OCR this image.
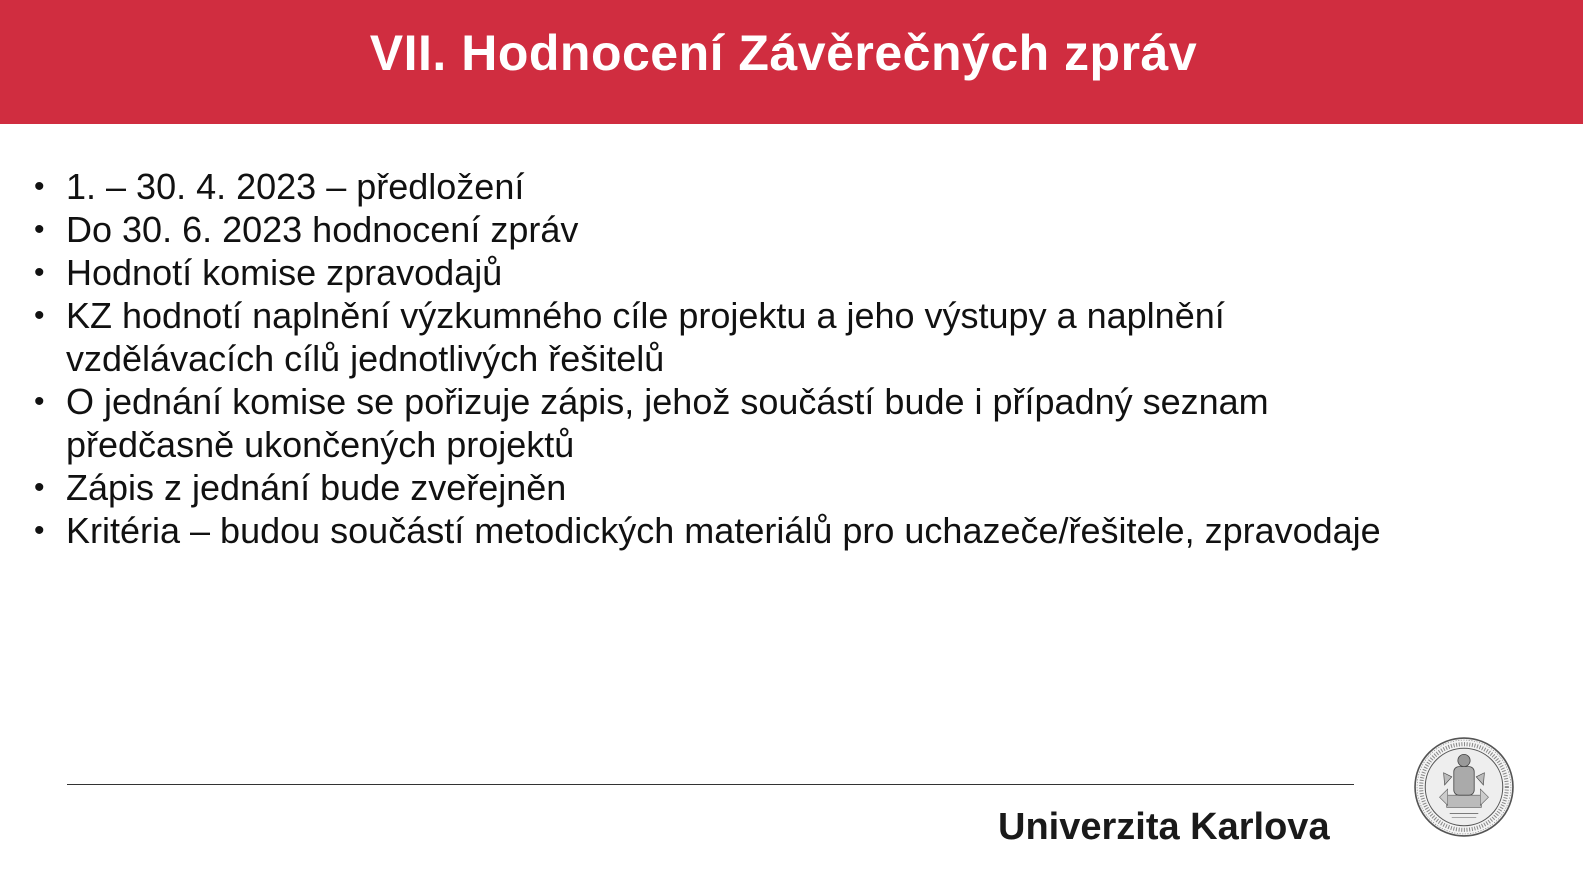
VII. Hodnocení Závěrečných zpráv
• 1. – 30. 4. 2023 – předložení
• Do 30. 6. 2023 hodnocení zpráv
• Hodnotí komise zpravodajů
• KZ hodnotí naplnění výzkumného cíle projektu a jeho výstupy a naplnění vzdělávacích cílů jednotlivých řešitelů
• O jednání komise se pořizuje zápis, jehož součástí bude i případný seznam předčasně ukončených projektů
• Zápis z jednání bude zveřejněn
• Kritéria – budou součástí metodických materiálů pro uchazeče/řešitele, zpravodaje
Univerzita Karlova
